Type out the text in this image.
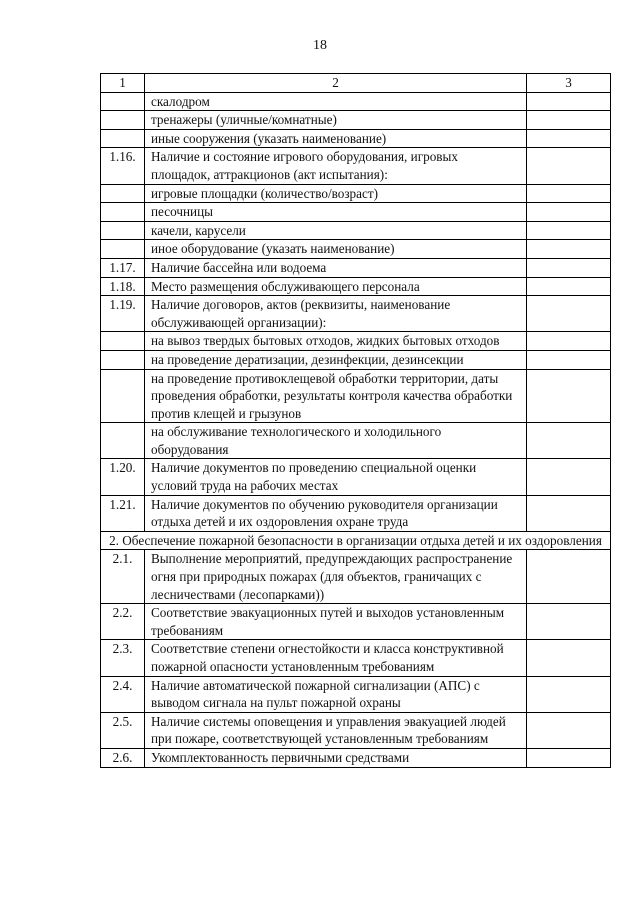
18
1	2	3
	скалодром	
	тренажеры (уличные/комнатные)	
	иные сооружения (указать наименование)	
1.16.	Наличие и состояние игрового оборудования, игровых площадок, аттракционов (акт испытания):	
	игровые площадки (количество/возраст)	
	песочницы	
	качели, карусели	
	иное оборудование (указать наименование)	
1.17.	Наличие бассейна или водоема	
1.18.	Место размещения обслуживающего персонала	
1.19.	Наличие договоров, актов (реквизиты, наименование обслуживающей организации):	
	на вывоз твердых бытовых отходов, жидких бытовых отходов	
	на проведение дератизации, дезинфекции, дезинсекции	
	на проведение противоклещевой обработки территории, даты проведения обработки, результаты контроля качества обработки против клещей и грызунов	
	на обслуживание технологического и холодильного оборудования	
1.20.	Наличие документов по проведению специальной оценки условий труда на рабочих местах	
1.21.	Наличие документов по обучению руководителя организации отдыха детей и их оздоровления охране труда	
2. Обеспечение пожарной безопасности в организации отдыха детей и их оздоровления		
2.1.	Выполнение мероприятий, предупреждающих распространение огня при природных пожарах (для объектов, граничащих с лесничествами (лесопарками))	
2.2.	Соответствие эвакуационных путей и выходов установленным требованиям	
2.3.	Соответствие степени огнестойкости и класса конструктивной пожарной опасности установленным требованиям	
2.4.	Наличие автоматической пожарной сигнализации (АПС) с выводом сигнала на пульт пожарной охраны	
2.5.	Наличие системы оповещения и управления эвакуацией людей при пожаре, соответствующей установленным требованиям	
2.6.	Укомплектованность первичными средствами	
